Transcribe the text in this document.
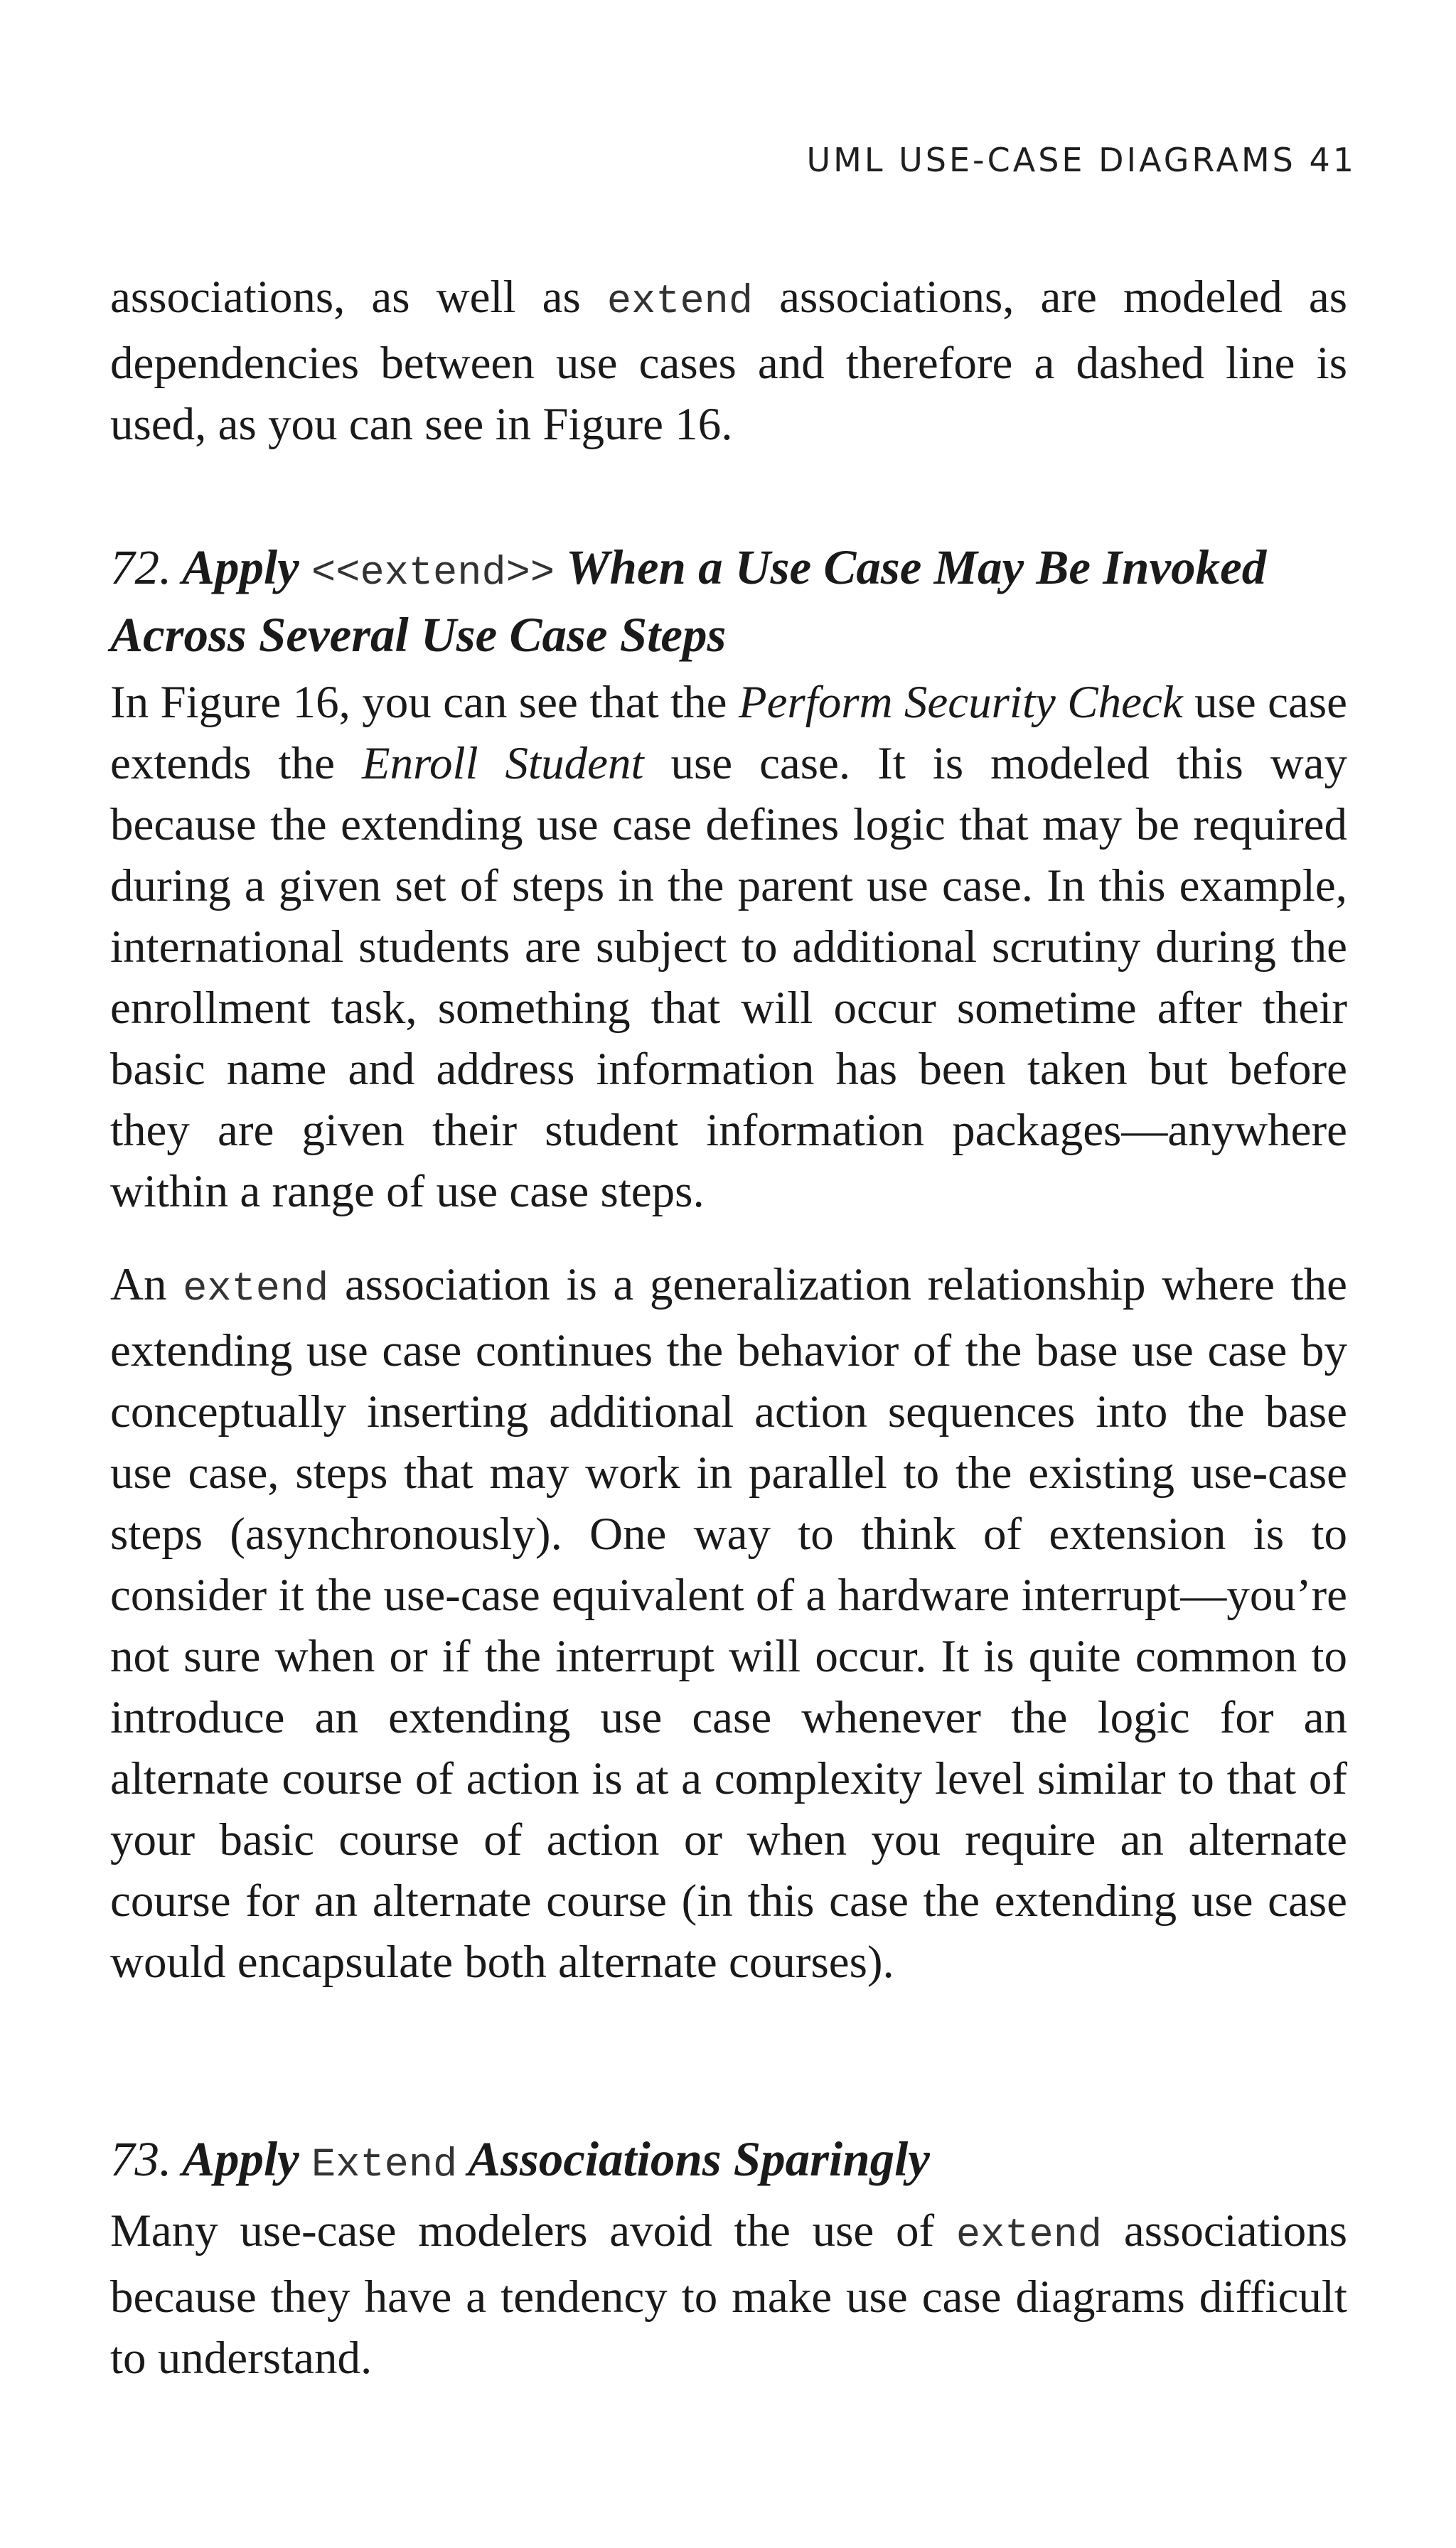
UML USE-CASE DIAGRAMS 41

associations, as well as extend associations, are modeled as dependencies between use cases and therefore a dashed line is used, as you can see in Figure 16.

72. Apply <<extend>> When a Use Case May Be Invoked Across Several Use Case Steps

In Figure 16, you can see that the Perform Security Check use case extends the Enroll Student use case. It is modeled this way because the extending use case defines logic that may be required during a given set of steps in the parent use case. In this example, international students are subject to additional scrutiny during the enrollment task, something that will occur sometime after their basic name and address information has been taken but before they are given their student information packages—anywhere within a range of use case steps.

An extend association is a generalization relationship where the extending use case continues the behavior of the base use case by conceptually inserting additional action sequences into the base use case, steps that may work in parallel to the existing use-case steps (asynchronously). One way to think of extension is to consider it the use-case equivalent of a hardware interrupt—you’re not sure when or if the interrupt will occur. It is quite common to introduce an extending use case whenever the logic for an alternate course of action is at a complexity level similar to that of your basic course of action or when you require an alternate course for an alternate course (in this case the extending use case would encapsulate both alternate courses).

73. Apply Extend Associations Sparingly

Many use-case modelers avoid the use of extend associations because they have a tendency to make use case diagrams difficult to understand.
